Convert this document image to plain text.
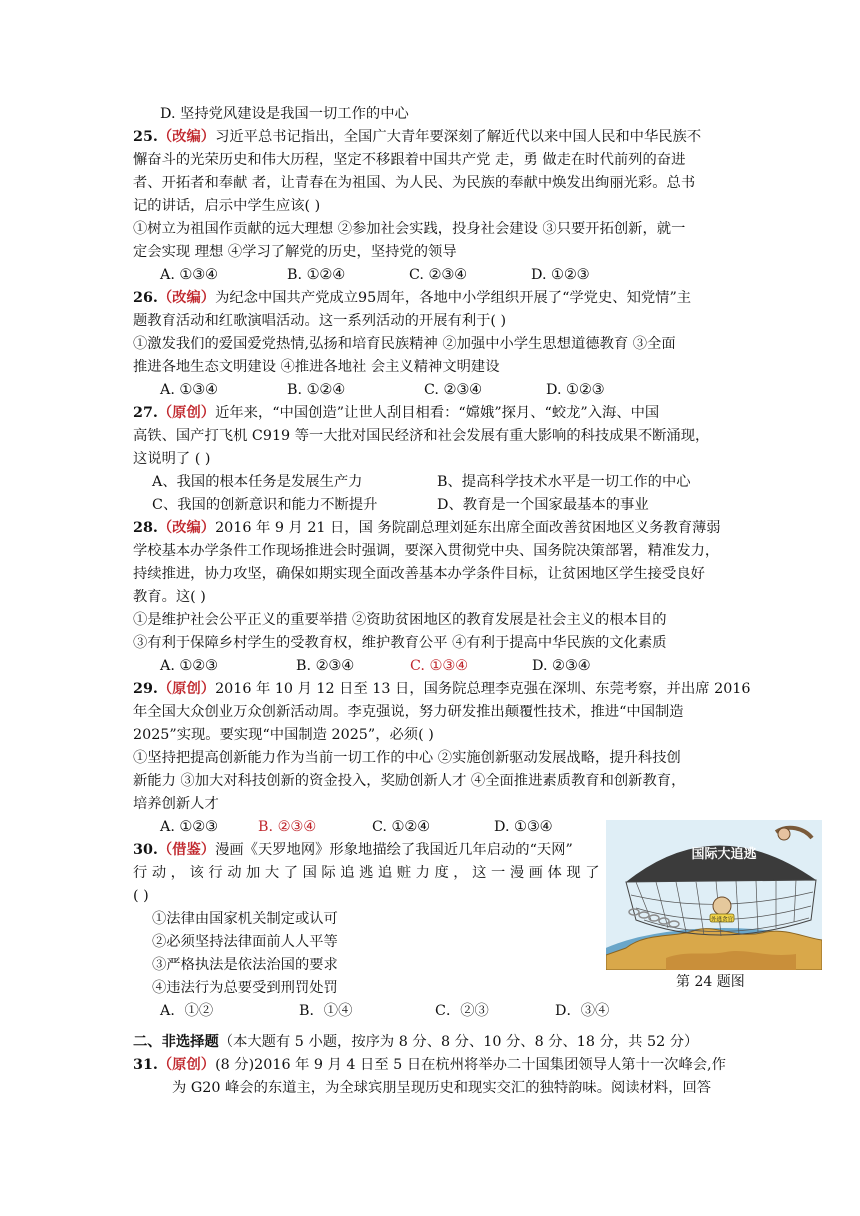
D. 坚持党风建设是我国一切工作的中心
25.（改编）习近平总书记指出，全国广大青年要深刻了解近代以来中国人民和中华民族不
懈奋斗的光荣历史和伟大历程，坚定不移跟着中国共产党 走，勇 做走在时代前列的奋进
者、开拓者和奉献 者，让青春在为祖国、为人民、为民族的奉献中焕发出绚丽光彩。总书
记的讲话，启示中学生应该( )
①树立为祖国作贡献的远大理想 ②参加社会实践，投身社会建设 ③只要开拓创新，就一
定会实现 理想 ④学习了解党的历史，坚持党的领导
A. ①③④	B. ①②④	C. ②③④	D. ①②③
26.（改编）为纪念中国共产党成立95周年，各地中小学组织开展了“学党史、知党情”主
题教育活动和红歌演唱活动。这一系列活动的开展有利于( )
①激发我们的爱国爱党热情,弘扬和培育民族精神 ②加强中小学生思想道德教育 ③全面
推进各地生态文明建设 ④推进各地社 会主义精神文明建设
A. ①③④	B. ①②④	C. ②③④	D. ①②③
27.（原创）近年来，“中国创造”让世人刮目相看：“嫦娥”探月、“蛟龙”入海、中国
高铁、国产打飞机 C919 等一大批对国民经济和社会发展有重大影响的科技成果不断涌现，
这说明了 ( )
A、我国的根本任务是发展生产力	B、提高科学技术水平是一切工作的中心
C、我国的创新意识和能力不断提升	D、教育是一个国家最基本的事业
28.（改编）2016 年 9 月 21 日，国 务院副总理刘延东出席全面改善贫困地区义务教育薄弱
学校基本办学条件工作现场推进会时强调，要深入贯彻党中央、国务院决策部署，精准发力，
持续推进，协力攻坚，确保如期实现全面改善基本办学条件目标，让贫困地区学生接受良好
教育。这( )
①是维护社会公平正义的重要举措 ②资助贫困地区的教育发展是社会主义的根本目的
③有利于保障乡村学生的受教育权，维护教育公平 ④有利于提高中华民族的文化素质
A. ①②③	B. ②③④	C. ①③④	D. ②③④
29.（原创）2016 年 10 月 12 日至 13 日，国务院总理李克强在深圳、东莞考察，并出席 2016
年全国大众创业万众创新活动周。李克强说，努力研发推出颠覆性技术，推进“中国制造
2025”实现。要实现“中国制造 2025”，必须( )
①坚持把提高创新能力作为当前一切工作的中心 ②实施创新驱动发展战略，提升科技创
新能力 ③加大对科技创新的资金投入，奖励创新人才 ④全面推进素质教育和创新教育，
培养创新人才
A. ①②③	B. ②③④	C. ①②④	D. ①③④
30.（借鉴）漫画《天罗地网》形象地描绘了我国近几年启动的“天网”
行 动 ， 该 行 动 加 大 了 国 际 追 逃 追 赃 力 度 ， 这 一 漫 画 体 现 了
( )
①法律由国家机关制定或认可
②必须坚持法律面前人人平等
③严格执法是依法治国的要求
④违法行为总要受到刑罚处罚
A．①②	B．①④	C．②③	D．③④
外逃贪官
国际大追逃
第 24 题图
二、非选择题（本大题有 5 小题，按序为 8 分、8 分、10 分、8 分、18 分，共 52 分）
31.（原创）(8 分)2016 年 9 月 4 日至 5 日在杭州将举办二十国集团领导人第十一次峰会,作
为 G20 峰会的东道主，为全球宾朋呈现历史和现实交汇的独特韵味。阅读材料，回答
